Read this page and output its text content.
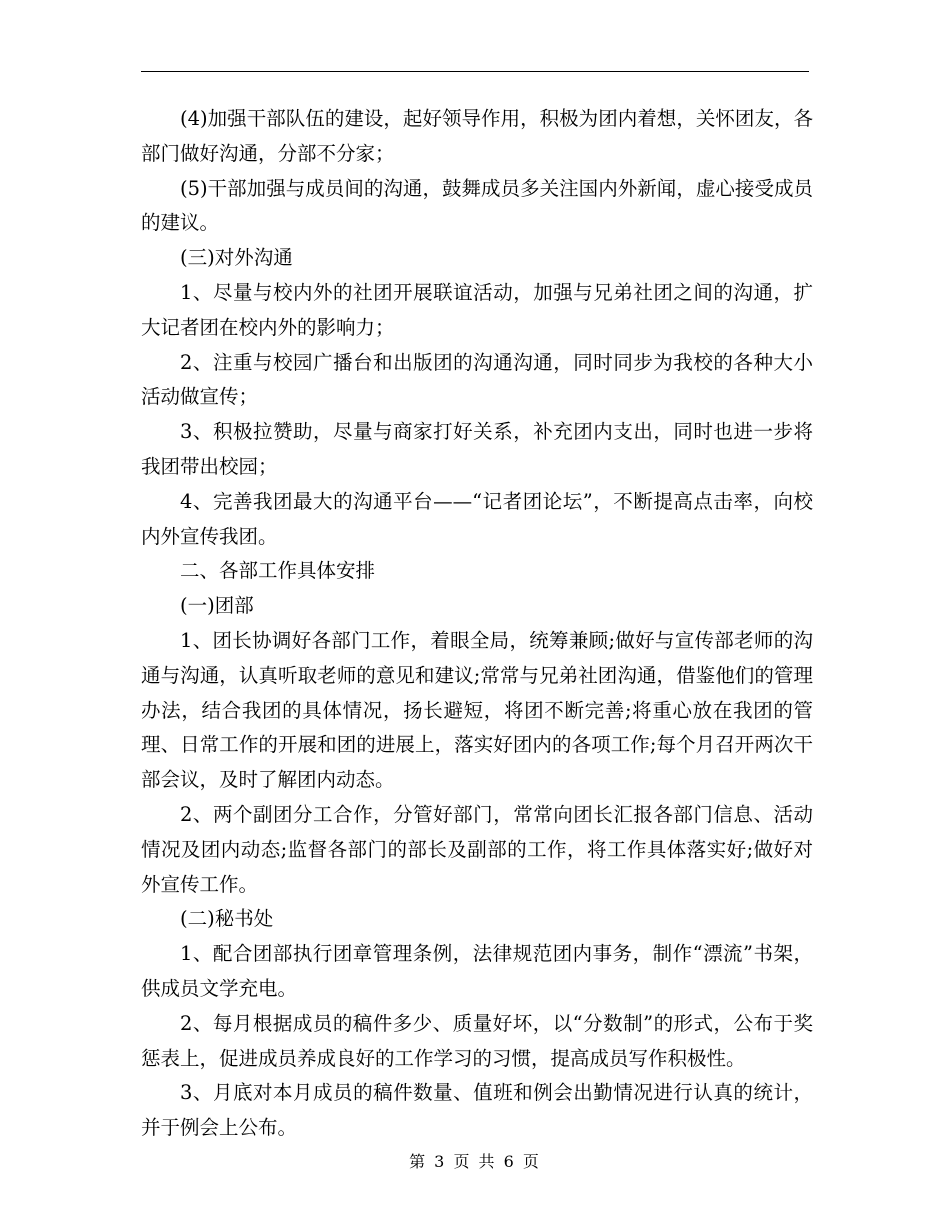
(4)加强干部队伍的建设，起好领导作用，积极为团内着想，关怀团友，各部门做好沟通，分部不分家；

(5)干部加强与成员间的沟通，鼓舞成员多关注国内外新闻，虚心接受成员的建议。

(三)对外沟通

1、尽量与校内外的社团开展联谊活动，加强与兄弟社团之间的沟通，扩大记者团在校内外的影响力；

2、注重与校园广播台和出版团的沟通沟通，同时同步为我校的各种大小活动做宣传；

3、积极拉赞助，尽量与商家打好关系，补充团内支出，同时也进一步将我团带出校园；

4、完善我团最大的沟通平台——“记者团论坛”，不断提高点击率，向校内外宣传我团。

二、各部工作具体安排

(一)团部

1、团长协调好各部门工作，着眼全局，统筹兼顾;做好与宣传部老师的沟通与沟通，认真听取老师的意见和建议;常常与兄弟社团沟通，借鉴他们的管理办法，结合我团的具体情况，扬长避短，将团不断完善;将重心放在我团的管理、日常工作的开展和团的进展上，落实好团内的各项工作;每个月召开两次干部会议，及时了解团内动态。

2、两个副团分工合作，分管好部门，常常向团长汇报各部门信息、活动情况及团内动态;监督各部门的部长及副部的工作，将工作具体落实好;做好对外宣传工作。

(二)秘书处

1、配合团部执行团章管理条例，法律规范团内事务，制作“漂流”书架，供成员文学充电。

2、每月根据成员的稿件多少、质量好坏，以“分数制”的形式，公布于奖惩表上，促进成员养成良好的工作学习的习惯，提高成员写作积极性。

3、月底对本月成员的稿件数量、值班和例会出勤情况进行认真的统计，并于例会上公布。

第 3 页 共 6 页
